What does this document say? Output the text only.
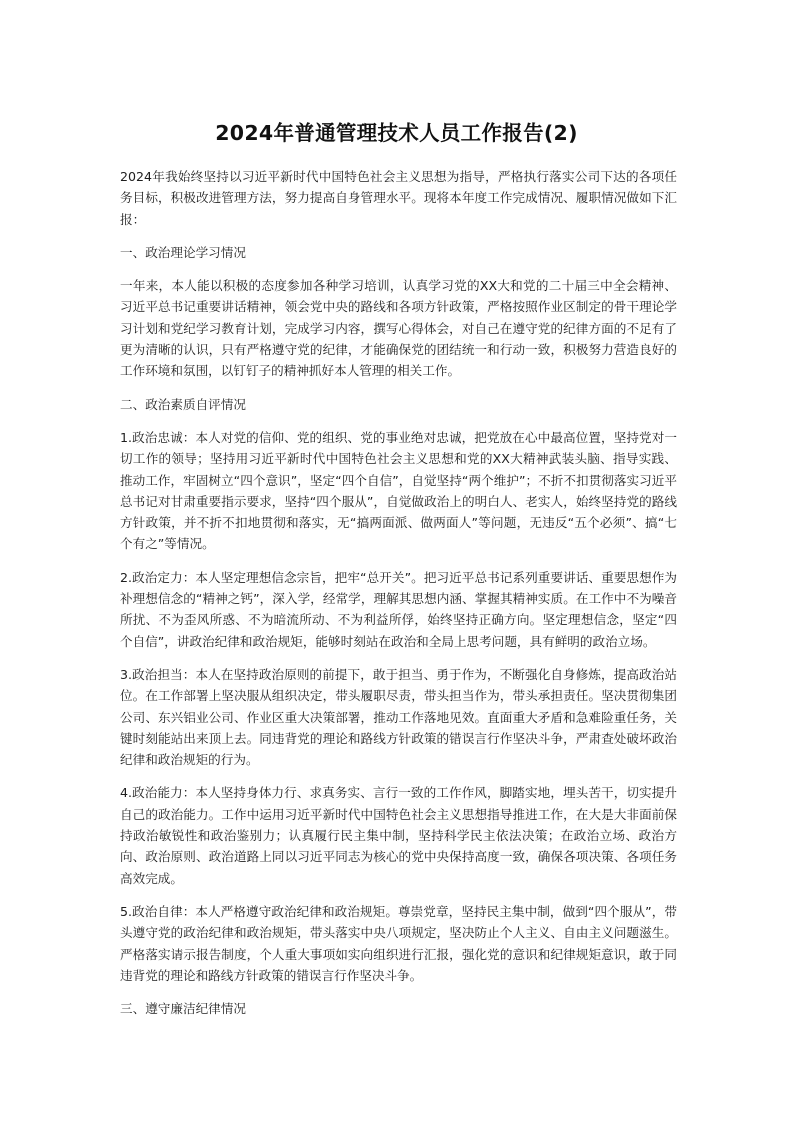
2024年普通管理技术人员工作报告(2)

2024年我始终坚持以习近平新时代中国特色社会主义思想为指导，严格执行落实公司下达的各项任务目标，积极改进管理方法，努力提高自身管理水平。现将本年度工作完成情况、履职情况做如下汇报：

一、政治理论学习情况

一年来，本人能以积极的态度参加各种学习培训，认真学习党的XX大和党的二十届三中全会精神、习近平总书记重要讲话精神，领会党中央的路线和各项方针政策，严格按照作业区制定的骨干理论学习计划和党纪学习教育计划，完成学习内容，撰写心得体会，对自己在遵守党的纪律方面的不足有了更为清晰的认识，只有严格遵守党的纪律，才能确保党的团结统一和行动一致，积极努力营造良好的工作环境和氛围，以钉钉子的精神抓好本人管理的相关工作。

二、政治素质自评情况

1.政治忠诚：本人对党的信仰、党的组织、党的事业绝对忠诚，把党放在心中最高位置，坚持党对一切工作的领导；坚持用习近平新时代中国特色社会主义思想和党的XX大精神武装头脑、指导实践、推动工作，牢固树立“四个意识”，坚定“四个自信”，自觉坚持“两个维护”；不折不扣贯彻落实习近平总书记对甘肃重要指示要求，坚持“四个服从”，自觉做政治上的明白人、老实人，始终坚持党的路线方针政策，并不折不扣地贯彻和落实，无“搞两面派、做两面人”等问题，无违反“五个必须”、搞“七个有之”等情况。

2.政治定力：本人坚定理想信念宗旨，把牢“总开关”。把习近平总书记系列重要讲话、重要思想作为补理想信念的“精神之钙”，深入学，经常学，理解其思想内涵、掌握其精神实质。在工作中不为噪音所扰、不为歪风所惑、不为暗流所动、不为利益所俘，始终坚持正确方向。坚定理想信念，坚定“四个自信”，讲政治纪律和政治规矩，能够时刻站在政治和全局上思考问题，具有鲜明的政治立场。

3.政治担当：本人在坚持政治原则的前提下，敢于担当、勇于作为，不断强化自身修炼，提高政治站位。在工作部署上坚决服从组织决定，带头履职尽责，带头担当作为，带头承担责任。坚决贯彻集团公司、东兴铝业公司、作业区重大决策部署，推动工作落地见效。直面重大矛盾和急难险重任务，关键时刻能站出来顶上去。同违背党的理论和路线方针政策的错误言行作坚决斗争，严肃查处破坏政治纪律和政治规矩的行为。

4.政治能力：本人坚持身体力行、求真务实、言行一致的工作作风，脚踏实地，埋头苦干，切实提升自己的政治能力。工作中运用习近平新时代中国特色社会主义思想指导推进工作，在大是大非面前保持政治敏锐性和政治鉴别力；认真履行民主集中制，坚持科学民主依法决策；在政治立场、政治方向、政治原则、政治道路上同以习近平同志为核心的党中央保持高度一致，确保各项决策、各项任务高效完成。

5.政治自律：本人严格遵守政治纪律和政治规矩。尊崇党章，坚持民主集中制，做到“四个服从”，带头遵守党的政治纪律和政治规矩，带头落实中央八项规定，坚决防止个人主义、自由主义问题滋生。严格落实请示报告制度，个人重大事项如实向组织进行汇报，强化党的意识和纪律规矩意识，敢于同违背党的理论和路线方针政策的错误言行作坚决斗争。

三、遵守廉洁纪律情况
